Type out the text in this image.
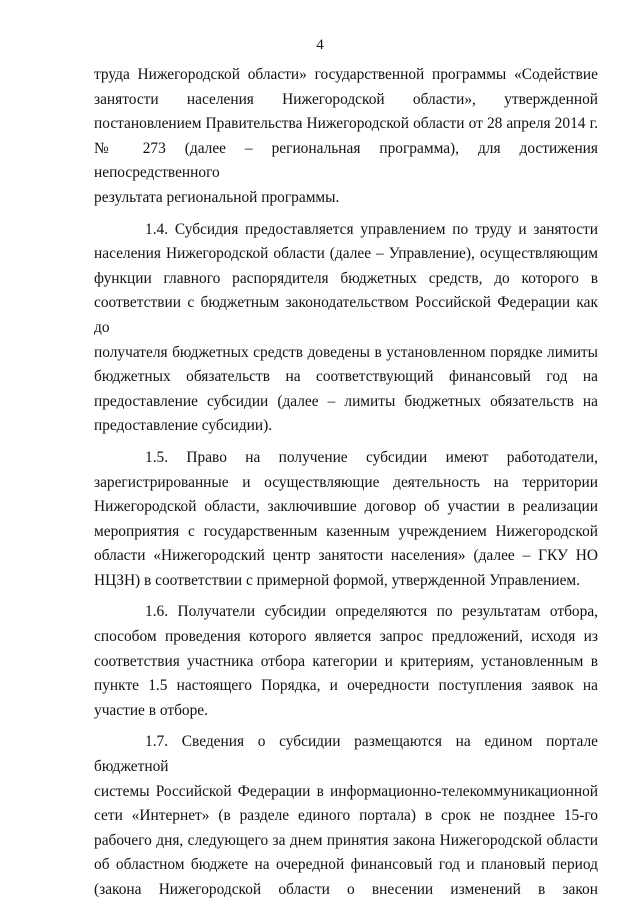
4
труда Нижегородской области» государственной программы «Содействие
занятости населения Нижегородской области», утвержденной
постановлением Правительства Нижегородской области от 28 апреля 2014 г.
№ 273 (далее – региональная программа), для достижения непосредственного
результата региональной программы.
1.4. Субсидия предоставляется управлением по труду и занятости
населения Нижегородской области (далее – Управление), осуществляющим
функции главного распорядителя бюджетных средств, до которого в
соответствии с бюджетным законодательством Российской Федерации как до
получателя бюджетных средств доведены в установленном порядке лимиты
бюджетных обязательств на соответствующий финансовый год на
предоставление субсидии (далее – лимиты бюджетных обязательств на
предоставление субсидии).
1.5. Право на получение субсидии имеют работодатели,
зарегистрированные и осуществляющие деятельность на территории
Нижегородской области, заключившие договор об участии в реализации
мероприятия с государственным казенным учреждением Нижегородской
области «Нижегородский центр занятости населения» (далее – ГКУ НО
НЦЗН) в соответствии с примерной формой, утвержденной Управлением.
1.6. Получатели субсидии определяются по результатам отбора,
способом проведения которого является запрос предложений, исходя из
соответствия участника отбора категории и критериям, установленным в
пункте 1.5 настоящего Порядка, и очередности поступления заявок на
участие в отборе.
1.7. Сведения о субсидии размещаются на едином портале бюджетной
системы Российской Федерации в информационно-телекоммуникационной
сети «Интернет» (в разделе единого портала) в срок не позднее 15-го
рабочего дня, следующего за днем принятия закона Нижегородской области
об областном бюджете на очередной финансовый год и плановый период
(закона Нижегородской области о внесении изменений в закон
